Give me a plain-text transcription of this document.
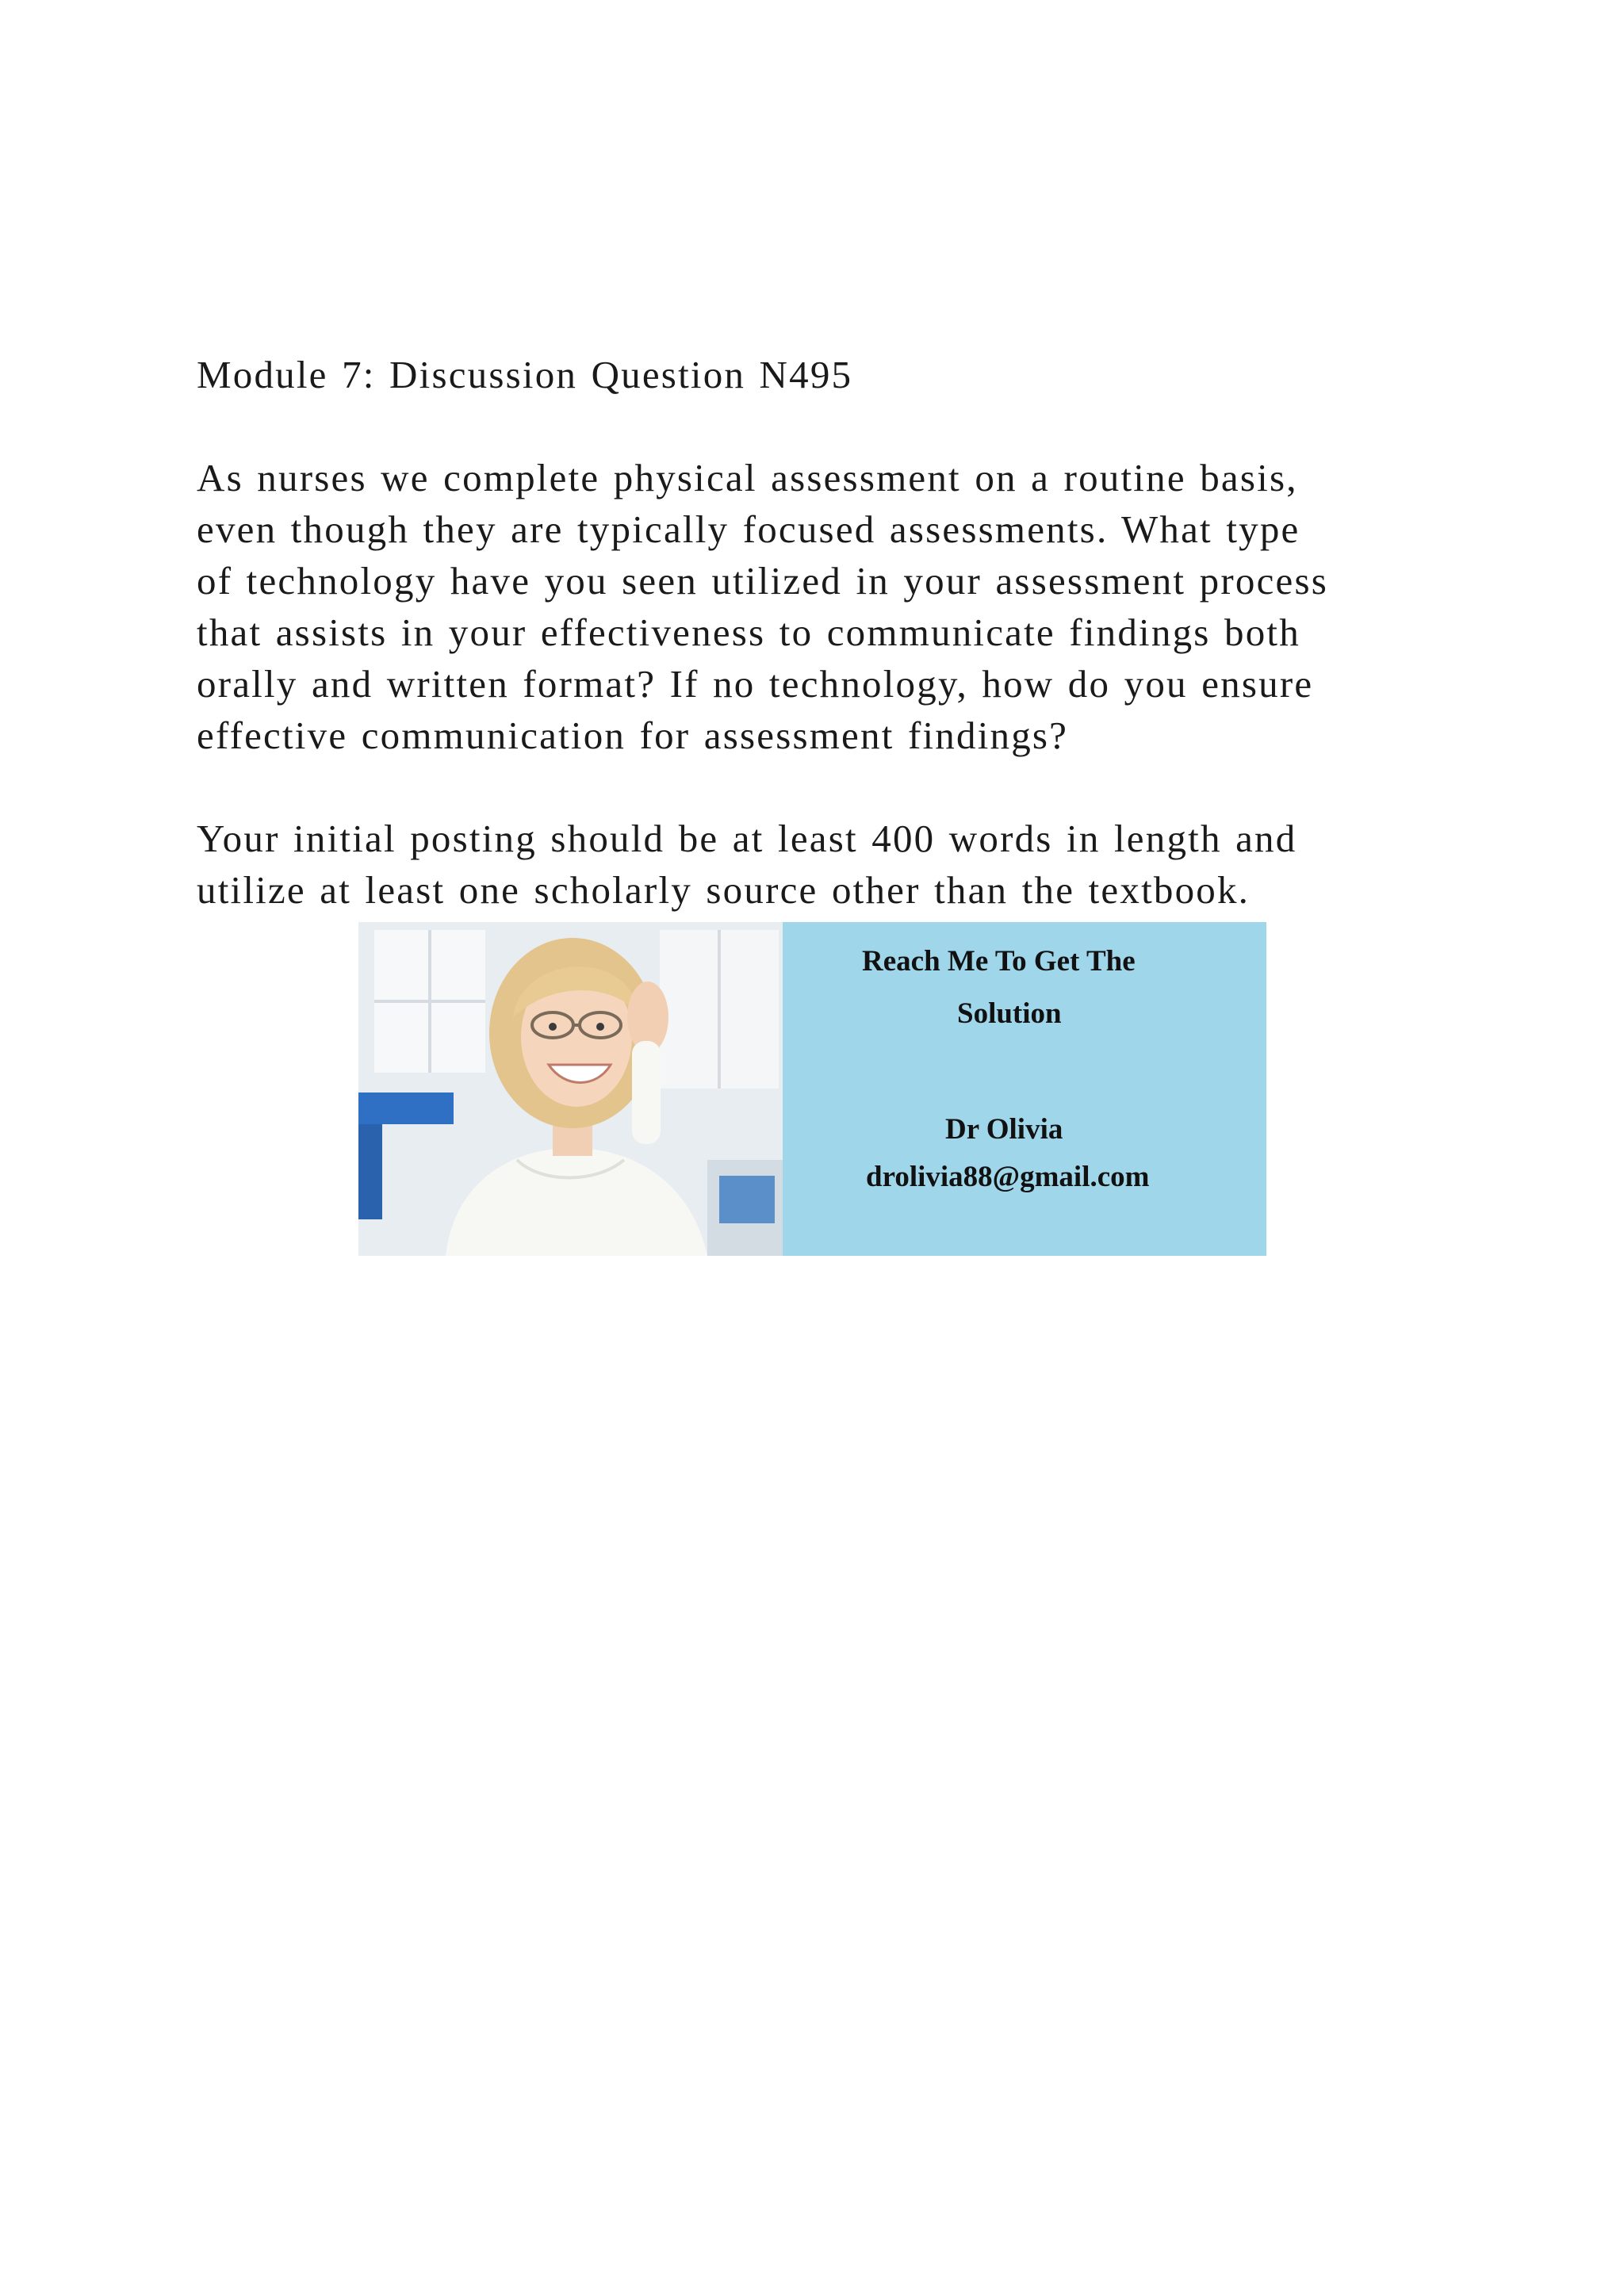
Module 7: Discussion Question N495

As nurses we complete physical assessment on a routine basis,

even though they are typically focused assessments. What type

of technology have you seen utilized in your assessment process

that assists in your effectiveness to communicate findings both

orally and written format? If no technology, how do you ensure

effective communication for assessment findings?

Your initial posting should be at least 400 words in length and

utilize at least one scholarly source other than the textbook.

Reach Me To Get The
Solution
Dr Olivia
drolivia88@gmail.com
